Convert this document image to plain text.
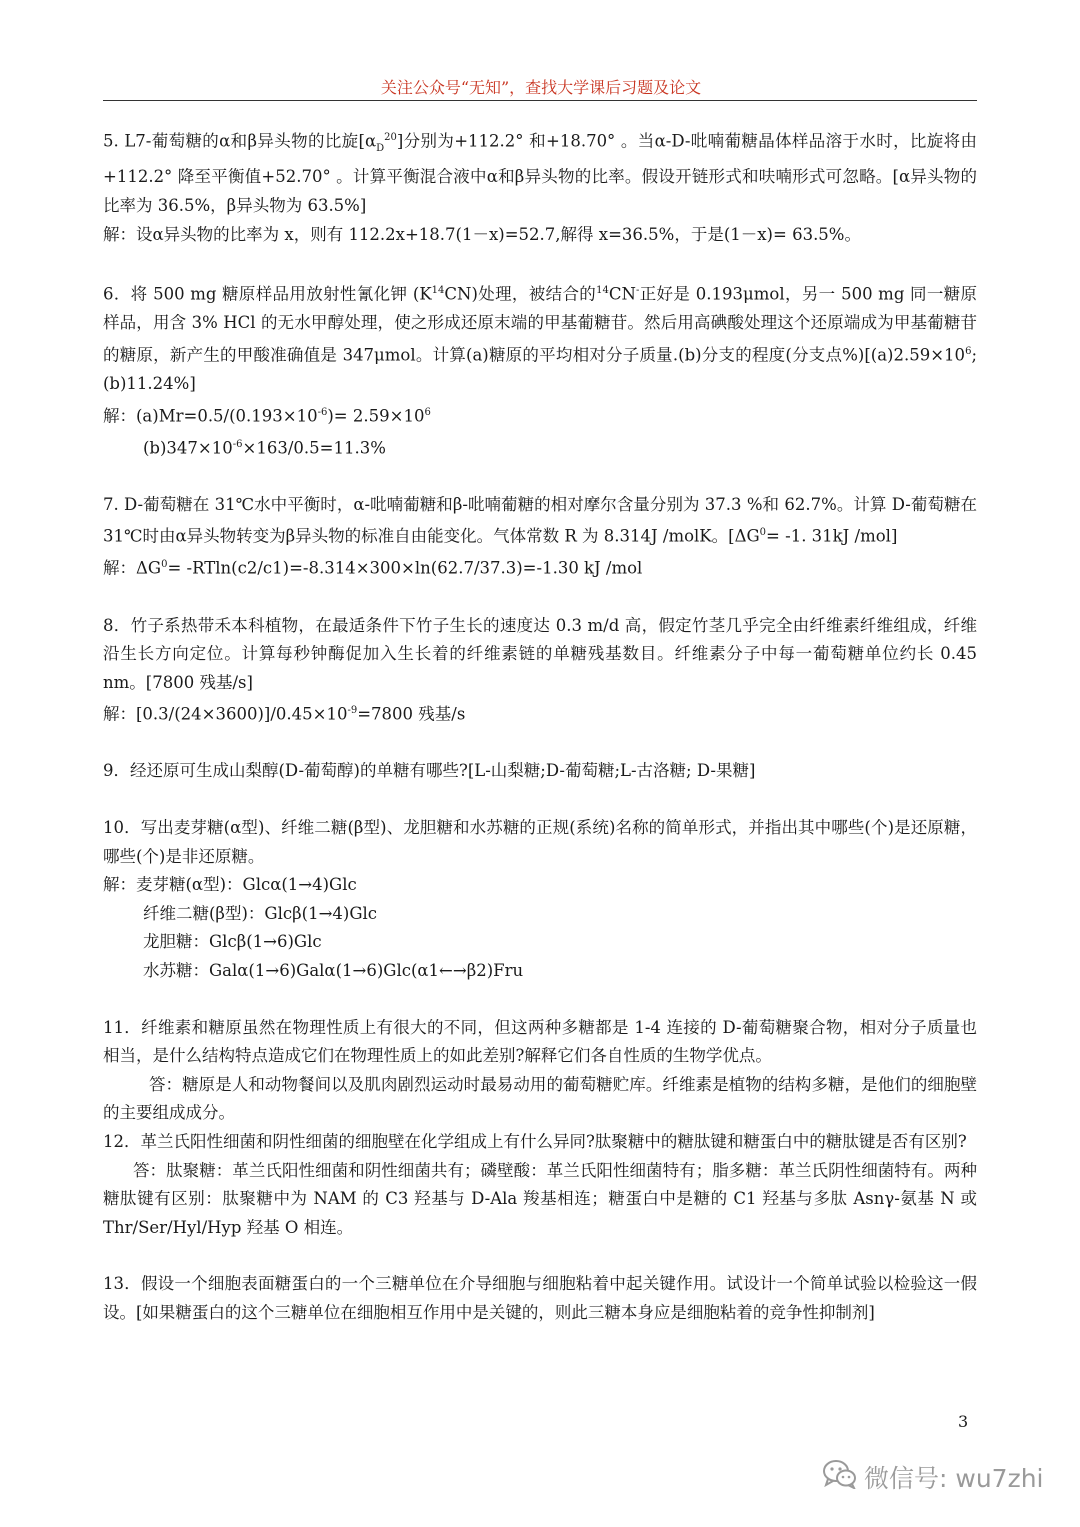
关注公众号“无知”，查找大学课后习题及论文

5. L7-葡萄糖的α和β异头物的比旋$[\alpha_D^{20}]$分别为+112.2° 和+18.70° 。当α-D-吡喃葡糖晶体样品溶于水时，比旋将由+112.2° 降至平衡值+52.70° 。计算平衡混合液中α和β异头物的比率。假设开链形式和呋喃形式可忽略。[α异头物的比率为 36.5%，β异头物为 63.5%]

解：设α异头物的比率为 x，则有 112.2x+18.7(1－x)=52.7,解得 x=36.5%，于是(1－x)= 63.5%。

6．将 500 mg 糖原样品用放射性氰化钾 $(K^{14}CN)$处理，被结合的$^{14}$CN-正好是 0.193μmol，另一 500 mg 同一糖原样品，用含 3% HCl 的无水甲醇处理，使之形成还原末端的甲基葡糖苷。然后用高碘酸处理这个还原端成为甲基葡糖苷的糖原，新产生的甲酸准确值是 347μmol。计算(a)糖原的平均相对分子质量.(b)分支的程度(分支点$\%)[(a)2.59\times 10^6$; (b)11.24%]

解：$(a)Mr=0.5/(0.193\times 10^{-6})= 2.59\times 10^6$

$(b)347\times 10^{-6}\times 163/0.5=11.3\%$

7. D-葡萄糖在 31℃水中平衡时，α-吡喃葡糖和β-吡喃葡糖的相对摩尔含量分别为 37.3 %和 62.7%。计算 D-葡萄糖在 31℃时由α异头物转变为β异头物的标准自由能变化。气体常数 R 为 8.314J /molK。[$\Delta G^0= -1$. 31kJ /mol]

解：$\Delta G^0= -RTln(c2/c1)=-8.314\times 300\times\ln(62.7/37.3)=-1.30$ kJ /mol

8．竹子系热带禾本科植物，在最适条件下竹子生长的速度达 0.3 m/d 高，假定竹茎几乎完全由纤维素纤维组成，纤维沿生长方向定位。计算每秒钟酶促加入生长着的纤维素链的单糖残基数目。纤维素分子中每一葡萄糖单位约长 0.45 nm。[7800 残基/s]

解：$[0.3/(24\times 3600)]/0.45\times 10^{-9}=7800$ 残基/s

9．经还原可生成山梨醇(D-葡萄醇)的单糖有哪些?[L-山梨糖;D-葡萄糖;L-古洛糖; D-果糖]

10．写出麦芽糖(α型)、纤维二糖(β型)、龙胆糖和水苏糖的正规(系统)名称的简单形式，并指出其中哪些(个)是还原糖，哪些(个)是非还原糖。

解：麦芽糖(α型)：Glcα(1→4)Glc

纤维二糖(β型)：Glcβ(1→4)Glc

龙胆糖：Glcβ(1→6)Glc

水苏糖：Galα(1→6)Galα(1→6)Glc(α1←→β2)Fru

11．纤维素和糖原虽然在物理性质上有很大的不同，但这两种多糖都是 1-4 连接的 D-葡萄糖聚合物，相对分子质量也相当，是什么结构特点造成它们在物理性质上的如此差别?解释它们各自性质的生物学优点。

答：糖原是人和动物餐间以及肌肉剧烈运动时最易动用的葡萄糖贮库。纤维素是植物的结构多糖，是他们的细胞壁的主要组成成分。

12．革兰氏阳性细菌和阴性细菌的细胞壁在化学组成上有什么异同?肽聚糖中的糖肽键和糖蛋白中的糖肽键是否有区别?

答：肽聚糖：革兰氏阳性细菌和阴性细菌共有；磷壁酸：革兰氏阳性细菌特有；脂多糖：革兰氏阴性细菌特有。两种糖肽键有区别：肽聚糖中为 NAM 的 C3 羟基与 D-Ala 羧基相连；糖蛋白中是糖的 C1 羟基与多肽 Asnγ-氨基 N 或 Thr/Ser/Hyl/Hyp 羟基 O 相连。

13．假设一个细胞表面糖蛋白的一个三糖单位在介导细胞与细胞粘着中起关键作用。试设计一个简单试验以检验这一假设。[如果糖蛋白的这个三糖单位在细胞相互作用中是关键的，则此三糖本身应是细胞粘着的竞争性抑制剂]

3
微信号: wu7zhi
